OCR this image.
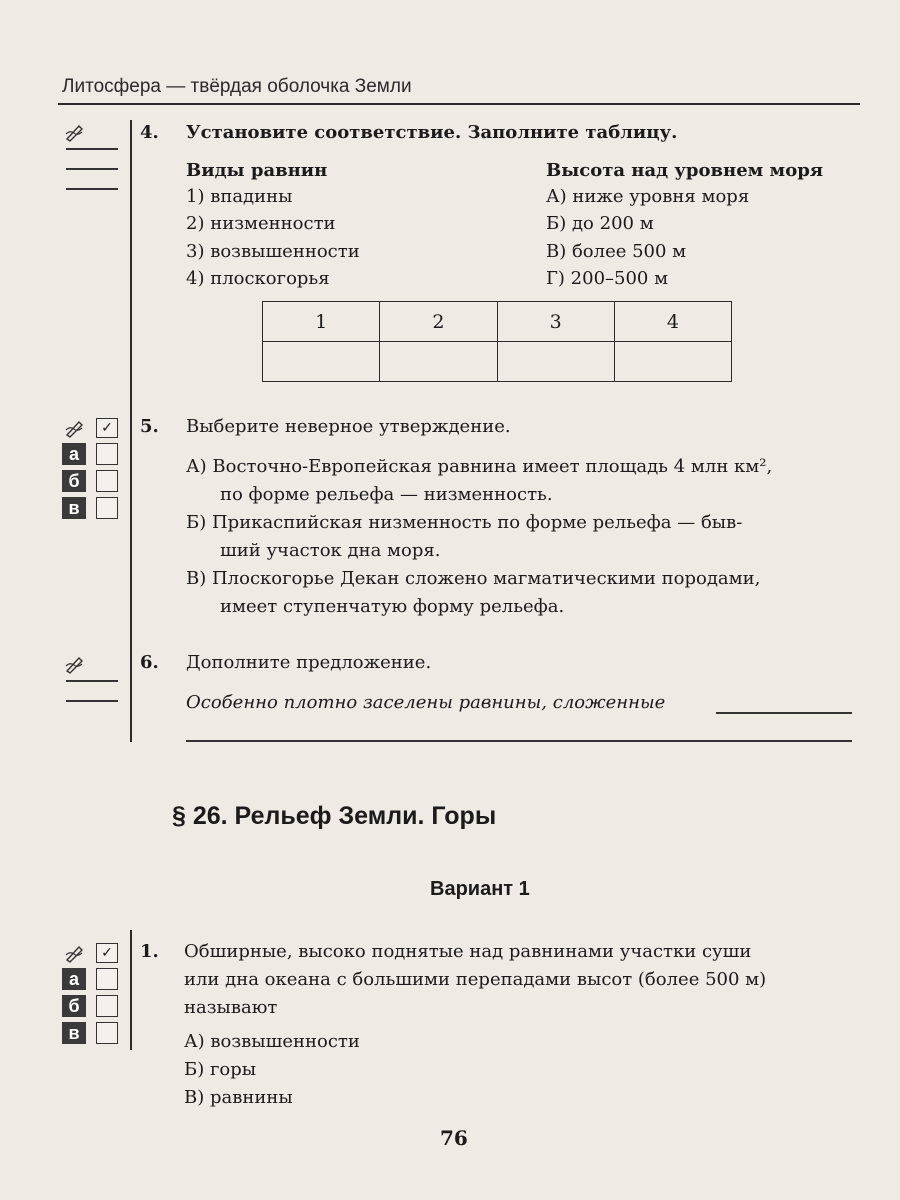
Литосфера — твёрдая оболочка Земли
4. Установите соответствие. Заполните таблицу.
Виды равнин
1) впадины
2) низменности
3) возвышенности
4) плоскогорья
Высота над уровнем моря
А) ниже уровня моря
Б) до 200 м
В) более 500 м
Г) 200–500 м
1	2	3	4

✓
а
б
в
5. Выберите неверное утверждение.
А) Восточно-Европейская равнина имеет площадь 4 млн км²,
по форме рельефа — низменность.
Б) Прикаспийская низменность по форме рельефа — быв-
ший участок дна моря.
В) Плоскогорье Декан сложено магматическими породами,
имеет ступенчатую форму рельефа.
6. Дополните предложение.
Особенно плотно заселены равнины, сложенные
§ 26. Рельеф Земли. Горы
Вариант 1
✓
а
б
в
1. Обширные, высоко поднятые над равнинами участки суши
или дна океана с большими перепадами высот (более 500 м)
называют
А) возвышенности
Б) горы
В) равнины
76
